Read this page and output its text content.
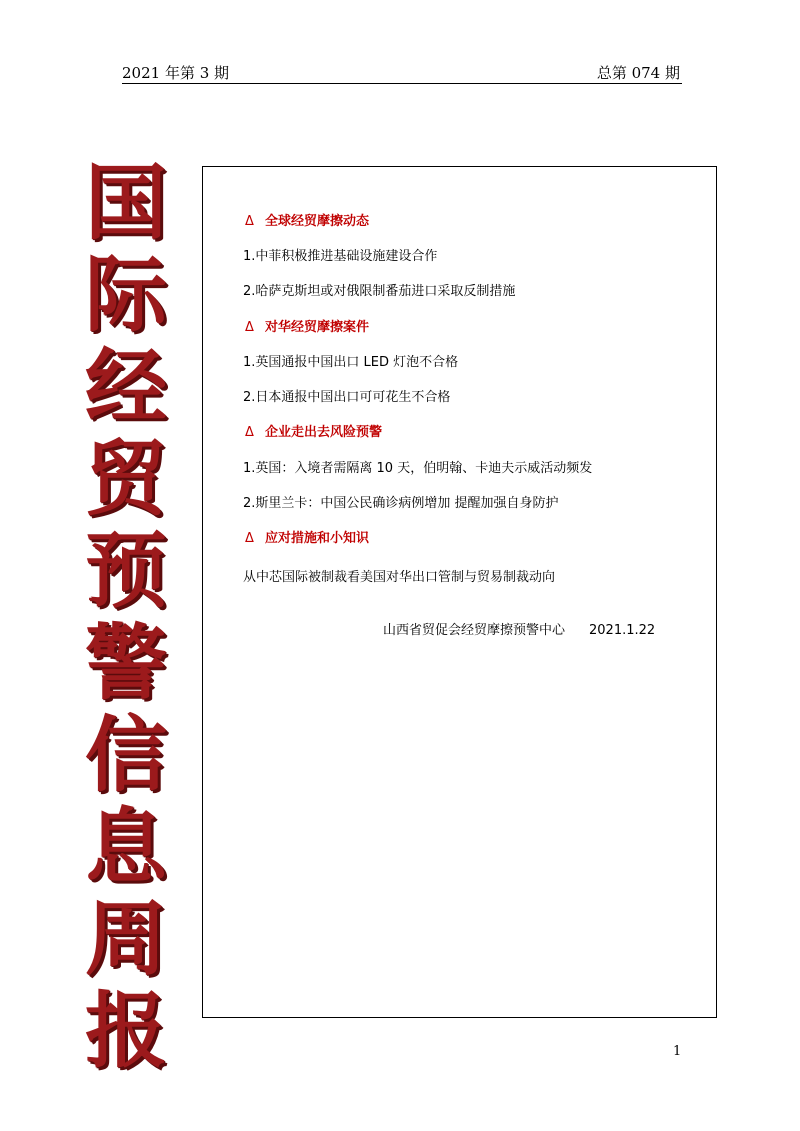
2021 年第 3 期	总第 074 期
国
际
经
贸
预
警
信
息
周
报
Δ 全球经贸摩擦动态
1.中菲积极推进基础设施建设合作
2.哈萨克斯坦或对俄限制番茄进口采取反制措施
Δ 对华经贸摩擦案件
1.英国通报中国出口 LED 灯泡不合格
2.日本通报中国出口可可花生不合格
Δ 企业走出去风险预警
1.英国：入境者需隔离 10 天，伯明翰、卡迪夫示威活动频发
2.斯里兰卡：中国公民确诊病例增加 提醒加强自身防护
Δ 应对措施和小知识
从中芯国际被制裁看美国对华出口管制与贸易制裁动向
山西省贸促会经贸摩擦预警中心 2021.1.22
1
